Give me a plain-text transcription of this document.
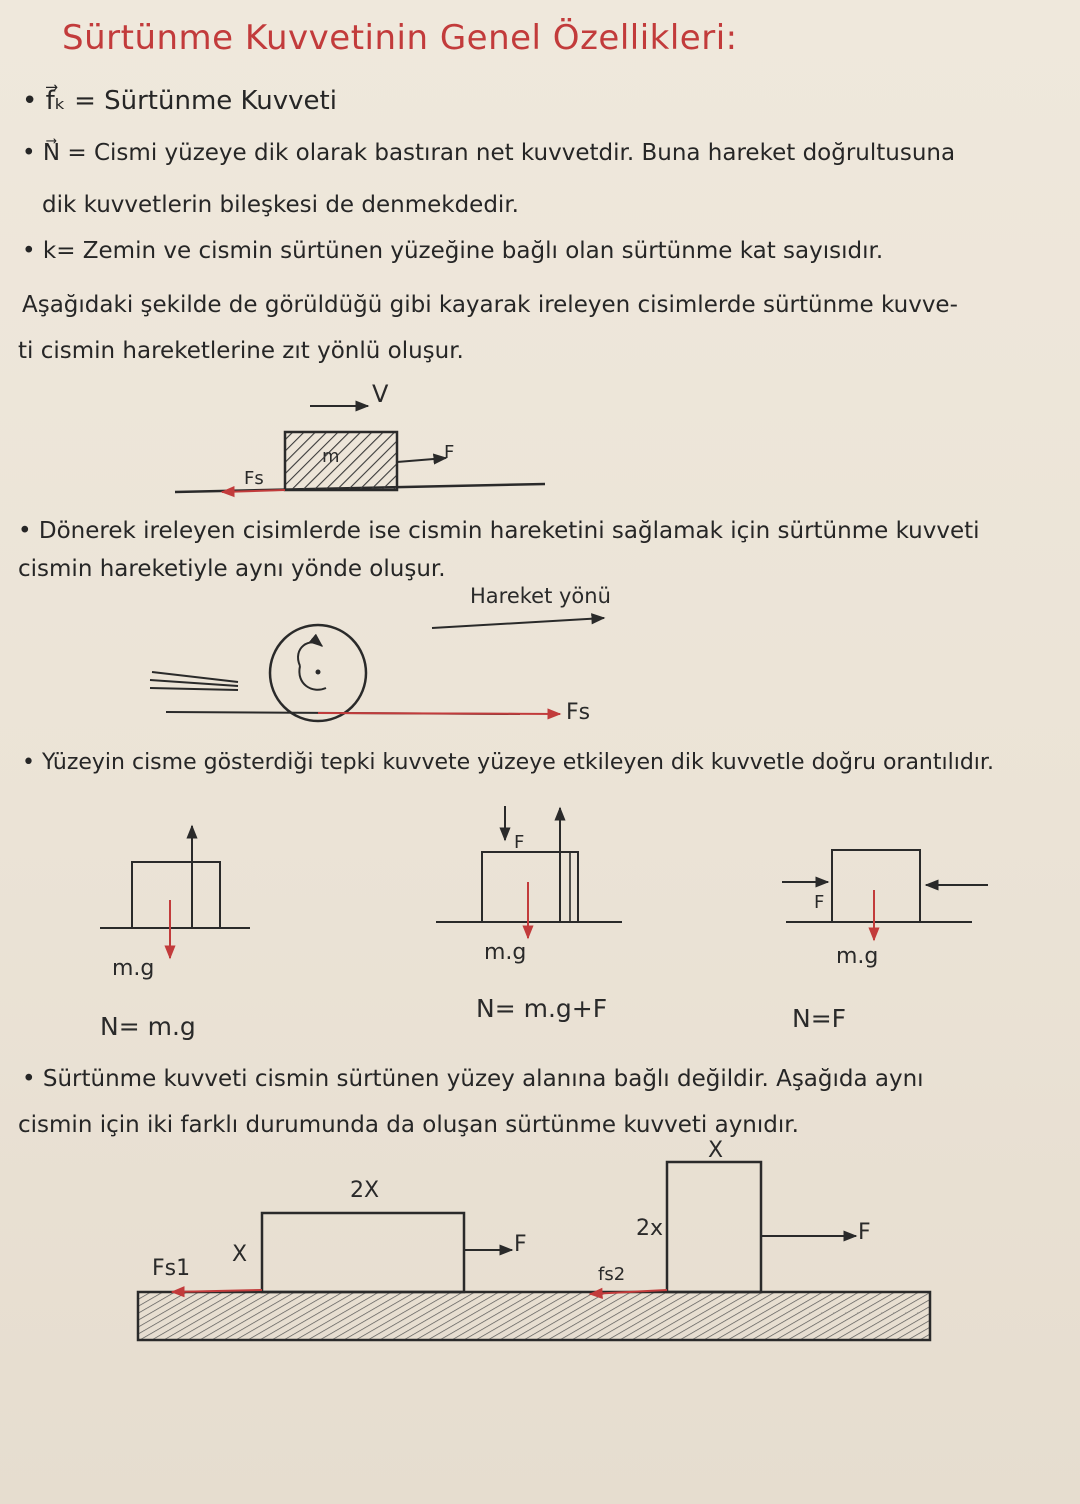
Sürtünme Kuvvetinin Genel Özellikleri:
• f⃗ₖ = Sürtünme Kuvveti
• N⃗ = Cismi yüzeye dik olarak bastıran net kuvvetdir. Buna hareket doğrultusuna
dik kuvvetlerin bileşkesi de denmekdedir.
• k= Zemin ve cismin sürtünen yüzeğine bağlı olan sürtünme kat sayısıdır.
Aşağıdaki şekilde de görüldüğü gibi kayarak ireleyen cisimlerde sürtünme kuvve-
ti cismin hareketlerine zıt yönlü oluşur.
V
F
Fs
• Dönerek ireleyen cisimlerde ise cismin hareketini sağlamak için sürtünme kuvveti
cismin hareketiyle aynı yönde oluşur.
Hareket yönü
Fs
• Yüzeyin cisme gösterdiği tepki kuvvete yüzeye etkileyen dik kuvvetle doğru orantılıdır.
m.g
N= m.g
F
m.g
N= m.g+F
F
m.g
N=F
• Sürtünme kuvveti cismin sürtünen yüzey alanına bağlı değildir. Aşağıda aynı
cismin için iki farklı durumunda da oluşan sürtünme kuvveti aynıdır.
2X
X	F
Fs1
X
2x	F
fs2
